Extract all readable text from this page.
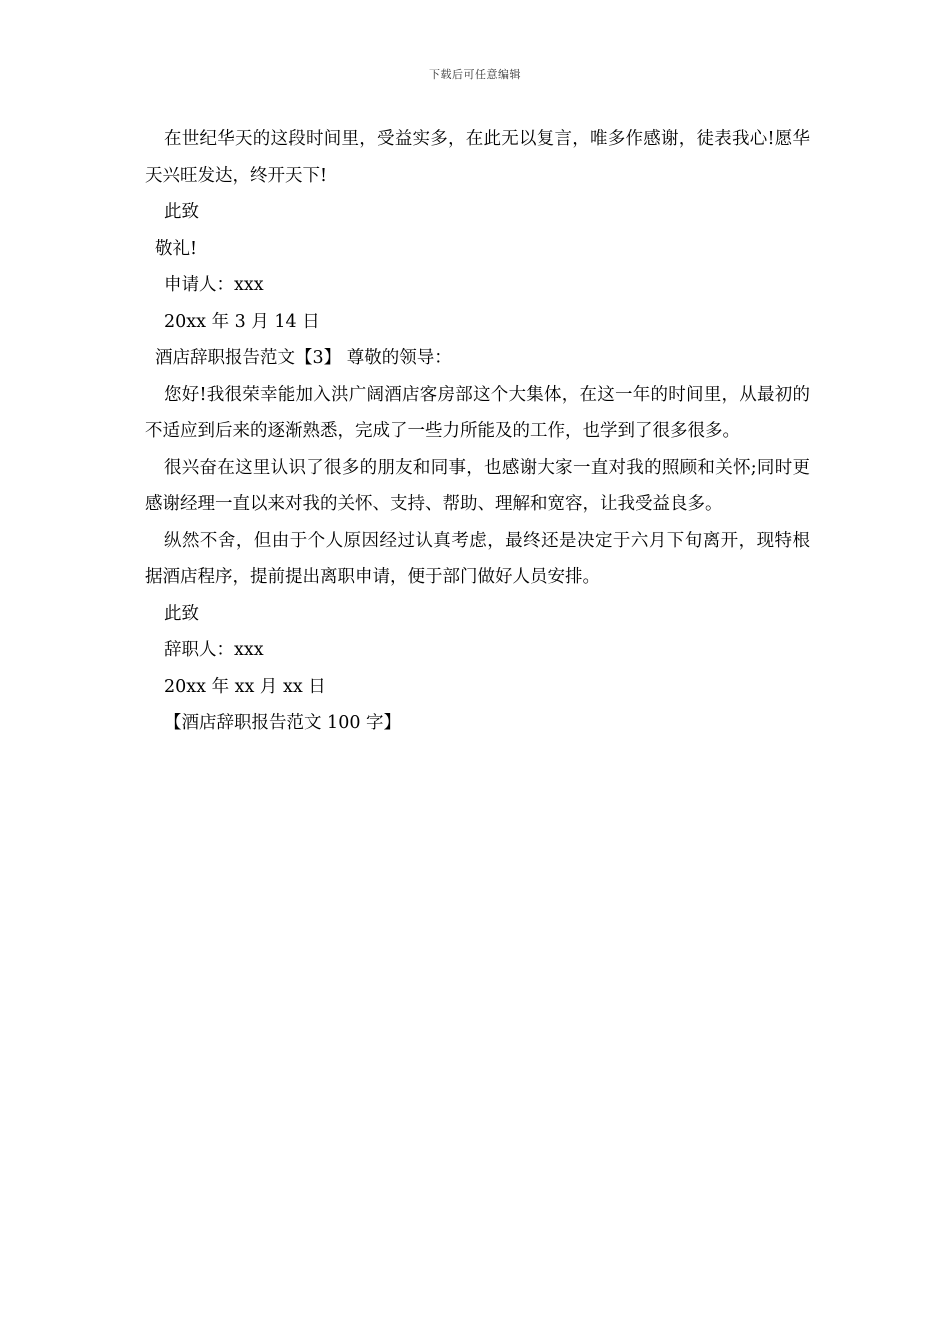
下载后可任意编辑

在世纪华天的这段时间里，受益实多，在此无以复言，唯多作感谢，徒表我心!愿华天兴旺发达，终开天下!

此致

敬礼!

申请人：xxx

20xx 年 3 月 14 日

酒店辞职报告范文【3】 尊敬的领导：

您好!我很荣幸能加入洪广阔酒店客房部这个大集体，在这一年的时间里，从最初的不适应到后来的逐渐熟悉，完成了一些力所能及的工作，也学到了很多很多。

很兴奋在这里认识了很多的朋友和同事，也感谢大家一直对我的照顾和关怀;同时更感谢经理一直以来对我的关怀、支持、帮助、理解和宽容，让我受益良多。

纵然不舍，但由于个人原因经过认真考虑，最终还是决定于六月下旬离开，现特根据酒店程序，提前提出离职申请，便于部门做好人员安排。

此致

辞职人：xxx

20xx 年 xx 月 xx 日

【酒店辞职报告范文 100 字】
